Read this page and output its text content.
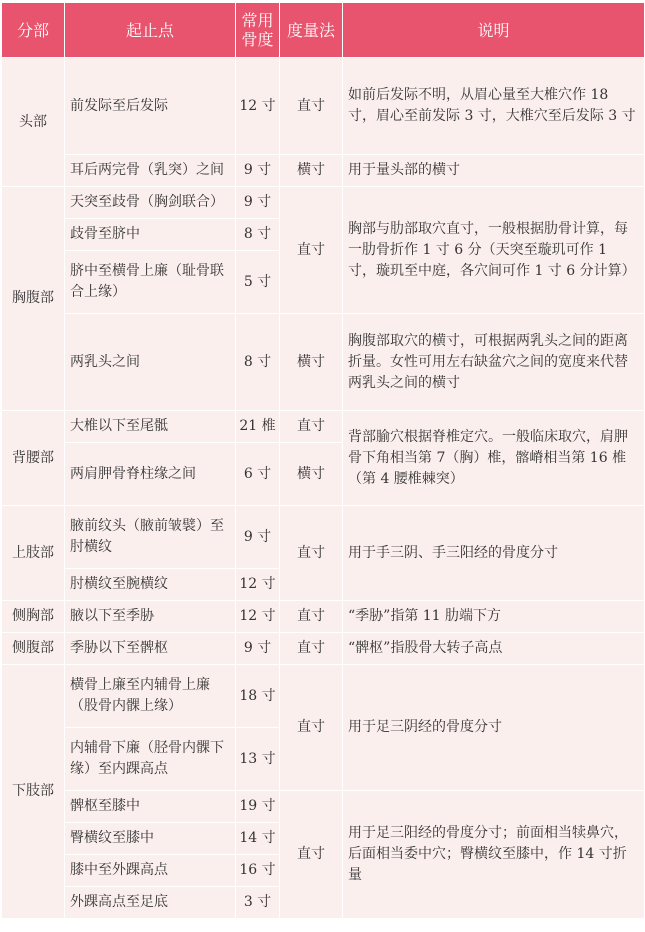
分部	起止点	常用骨度	度量法	说明
头部	前发际至后发际	12 寸	直寸	如前后发际不明，从眉心量至大椎穴作 18 寸，眉心至前发际 3 寸，大椎穴至后发际 3 寸
	耳后两完骨（乳突）之间	9 寸	横寸	用于量头部的横寸
胸腹部	天突至歧骨（胸剑联合）	9 寸	直寸	胸部与肋部取穴直寸，一般根据肋骨计算，每一肋骨折作 1 寸 6 分（天突至璇玑可作 1 寸，璇玑至中庭，各穴间可作 1 寸 6 分计算）
	歧骨至脐中	8 寸		
	脐中至横骨上廉（耻骨联合上缘）	5 寸		
	两乳头之间	8 寸	横寸	胸腹部取穴的横寸，可根据两乳头之间的距离折量。女性可用左右缺盆穴之间的宽度来代替两乳头之间的横寸
背腰部	大椎以下至尾骶	21 椎	直寸	背部腧穴根据脊椎定穴。一般临床取穴，肩胛骨下角相当第 7（胸）椎，髂嵴相当第 16 椎（第 4 腰椎棘突）
	两肩胛骨脊柱缘之间	6 寸	横寸	
上肢部	腋前纹头（腋前皱襞）至肘横纹	9 寸	直寸	用于手三阴、手三阳经的骨度分寸
	肘横纹至腕横纹	12 寸		
侧胸部	腋以下至季胁	12 寸	直寸	“季胁”指第 11 肋端下方
侧腹部	季胁以下至髀枢	9 寸	直寸	“髀枢”指股骨大转子高点
下肢部	横骨上廉至内辅骨上廉（股骨内髁上缘）	18 寸	直寸	用于足三阴经的骨度分寸
	内辅骨下廉（胫骨内髁下缘）至内踝高点	13 寸		
	髀枢至膝中	19 寸	直寸	用于足三阳经的骨度分寸；前面相当犊鼻穴，后面相当委中穴；臀横纹至膝中，作 14 寸折量
	臀横纹至膝中	14 寸		
	膝中至外踝高点	16 寸		
	外踝高点至足底	3 寸		
